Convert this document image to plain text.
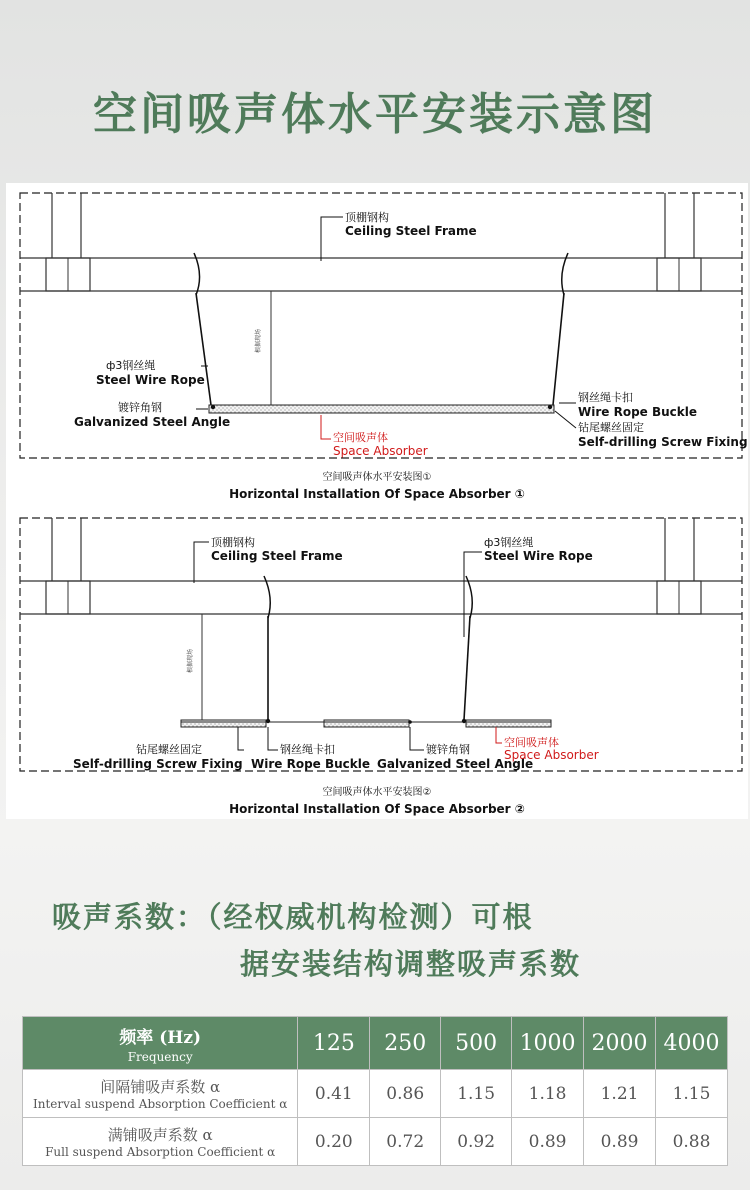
空间吸声体水平安装示意图
根据现场
顶棚钢构
Ceiling Steel Frame
ф3钢丝绳
Steel Wire Rope
镀锌角钢
Galvanized Steel Angle
钢丝绳卡扣
Wire Rope Buckle
钻尾螺丝固定
Self-drilling Screw Fixing
空间吸声体
Space Absorber
空间吸声体水平安装图①
Horizontal Installation Of Space Absorber ①
根据现场
顶棚钢构
Ceiling Steel Frame
ф3钢丝绳
Steel Wire Rope
钻尾螺丝固定
Self-drilling Screw Fixing
钢丝绳卡扣
Wire Rope Buckle
镀锌角钢
Galvanized Steel Angle
空间吸声体
Space Absorber
空间吸声体水平安装图②
Horizontal Installation Of Space Absorber ②
吸声系数：（经权威机构检测）可根
据安装结构调整吸声系数
频率 (Hz)
Frequency	125	250	500	1000	2000	4000

间隔铺吸声系数 α
Interval suspend Absorption Coefficient α	0.41	0.86	1.15	1.18	1.21	1.15

满铺吸声系数 α
Full suspend Absorption Coefficient α	0.20	0.72	0.92	0.89	0.89	0.88
